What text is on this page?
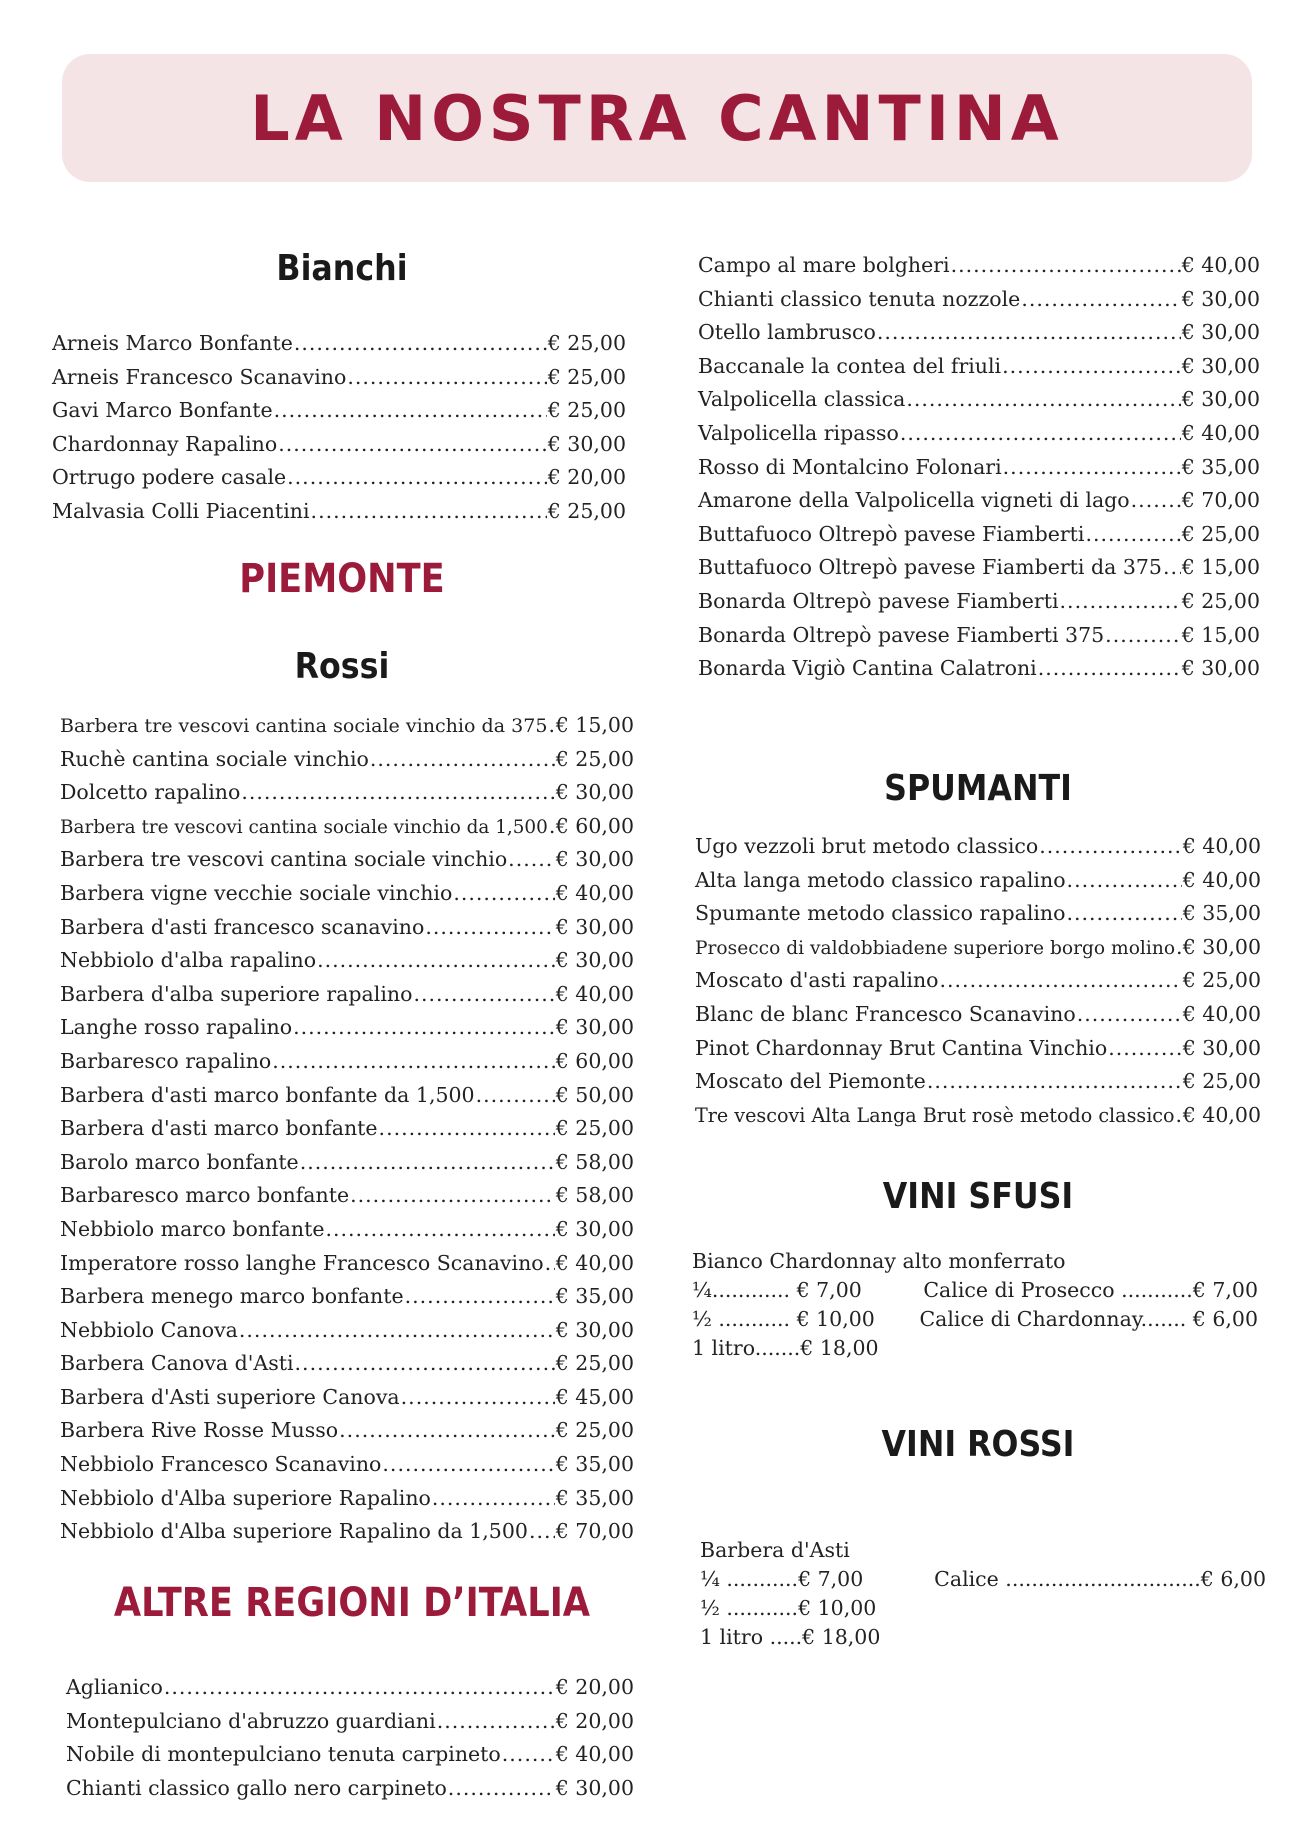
LA NOSTRA CANTINA
Bianchi
Arneis Marco Bonfante .....	€ 25,00
Arneis Francesco Scanavino .....	€ 25,00
Gavi Marco Bonfante .....	€ 25,00
Chardonnay Rapalino .....	€ 30,00
Ortrugo podere casale .....	€ 20,00
Malvasia Colli Piacentini .....	€ 25,00
PIEMONTE
Rossi
Barbera tre vescovi cantina sociale vinchio da 375 ..... € 15,00
Ruchè cantina sociale vinchio .....	€ 25,00
Dolcetto rapalino .....	€ 30,00
Barbera tre vescovi cantina sociale vinchio da 1,500 ..... € 60,00
Barbera tre vescovi cantina sociale vinchio ..... € 30,00
Barbera vigne vecchie sociale vinchio .....	€ 40,00
Barbera d'asti francesco scanavino .....	€ 30,00
Nebbiolo d'alba rapalino .....	€ 30,00
Barbera d'alba superiore rapalino .....	€ 40,00
Langhe rosso rapalino .....	€ 30,00
Barbaresco rapalino .....	€ 60,00
Barbera d'asti marco bonfante da 1,500 .....	€ 50,00
Barbera d'asti marco bonfante .....	€ 25,00
Barolo marco bonfante .....	€ 58,00
Barbaresco marco bonfante .....	€ 58,00
Nebbiolo marco bonfante .....	€ 30,00
Imperatore rosso langhe Francesco Scanavino ..... € 40,00
Barbera menego marco bonfante .....	€ 35,00
Nebbiolo Canova .....	€ 30,00
Barbera Canova d'Asti .....	€ 25,00
Barbera d'Asti superiore Canova .....	€ 45,00
Barbera Rive Rosse Musso .....	€ 25,00
Nebbiolo Francesco Scanavino .....	€ 35,00
Nebbiolo d'Alba superiore Rapalino .....	€ 35,00
Nebbiolo d'Alba superiore Rapalino da 1,500 ..... € 70,00
ALTRE REGIONI D’ITALIA
Aglianico .....	€ 20,00
Montepulciano d'abruzzo guardiani .....	€ 20,00
Nobile di montepulciano tenuta carpineto .....	€ 40,00
Chianti classico gallo nero carpineto .....	€ 30,00
Campo al mare bolgheri .....	€ 40,00
Chianti classico tenuta nozzole .....	€ 30,00
Otello lambrusco .....	€ 30,00
Baccanale la contea del friuli .....	€ 30,00
Valpolicella classica .....	€ 30,00
Valpolicella ripasso .....	€ 40,00
Rosso di Montalcino Folonari .....	€ 35,00
Amarone della Valpolicella vigneti di lago .....	€ 70,00
Buttafuoco Oltrepò pavese Fiamberti .....	€ 25,00
Buttafuoco Oltrepò pavese Fiamberti da 375 ..... € 15,00
Bonarda Oltrepò pavese Fiamberti .....	€ 25,00
Bonarda Oltrepò pavese Fiamberti 375 .....	€ 15,00
Bonarda Vigiò Cantina Calatroni .....	€ 30,00
SPUMANTI
Ugo vezzoli brut metodo classico .....	€ 40,00
Alta langa metodo classico rapalino .....	€ 40,00
Spumante metodo classico rapalino .....	€ 35,00
Prosecco di valdobbiadene superiore borgo molino ..... € 30,00
Moscato d'asti rapalino .....	€ 25,00
Blanc de blanc Francesco Scanavino .....	€ 40,00
Pinot Chardonnay Brut Cantina Vinchio .....	€ 30,00
Moscato del Piemonte .....	€ 25,00
Tre vescovi Alta Langa Brut rosè metodo classico ..... € 40,00
VINI SFUSI
Bianco Chardonnay alto monferrato
¼............ € 7,00	Calice di Prosecco ...........€ 7,00
½ ........... € 10,00	Calice di Chardonnay....... € 6,00
1 litro.......€ 18,00
VINI ROSSI
Barbera d'Asti
¼ ...........€ 7,00	Calice ..............................€ 6,00
½ ...........€ 10,00
1 litro .....€ 18,00
